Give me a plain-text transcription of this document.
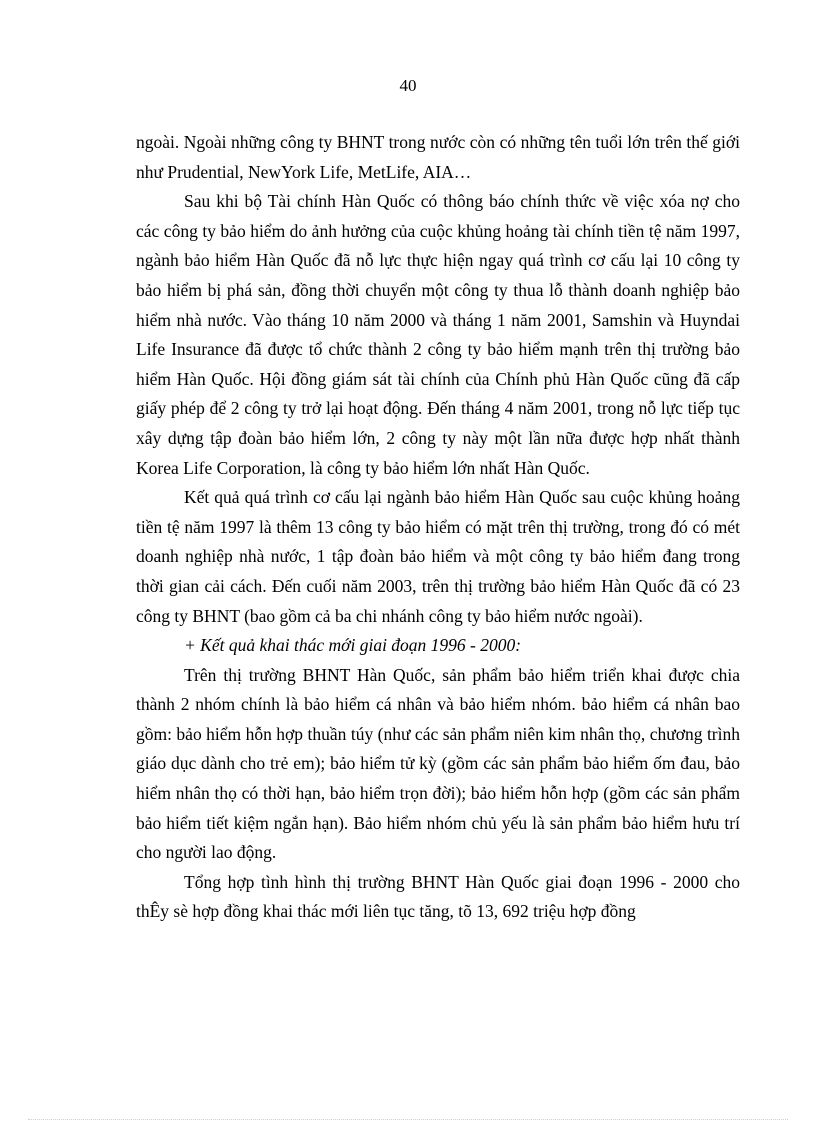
40

ngoài. Ngoài những công ty BHNT trong nước còn có những tên tuổi lớn trên thế giới như Prudential, NewYork Life, MetLife, AIA…

Sau khi bộ Tài chính Hàn Quốc có thông báo chính thức về việc xóa nợ cho các công ty bảo hiểm do ảnh hưởng của cuộc khủng hoảng tài chính tiền tệ năm 1997, ngành bảo hiểm Hàn Quốc đã nỗ lực thực hiện ngay quá trình cơ cấu lại 10 công ty bảo hiểm bị phá sản, đồng thời chuyển một công ty thua lỗ thành doanh nghiệp bảo hiểm nhà nước. Vào tháng 10 năm 2000 và tháng 1 năm 2001, Samshin và Huyndai Life Insurance đã được tổ chức thành 2 công ty bảo hiểm mạnh trên thị trường bảo hiểm Hàn Quốc. Hội đồng giám sát tài chính của Chính phủ Hàn Quốc cũng đã cấp giấy phép để 2 công ty trở lại hoạt động. Đến tháng 4 năm 2001, trong nỗ lực tiếp tục xây dựng tập đoàn bảo hiểm lớn, 2 công ty này một lần nữa được hợp nhất thành Korea Life Corporation, là công ty bảo hiểm lớn nhất Hàn Quốc.

Kết quả quá trình cơ cấu lại ngành bảo hiểm Hàn Quốc sau cuộc khủng hoảng tiền tệ năm 1997 là thêm 13 công ty bảo hiểm có mặt trên thị trường, trong đó có mét doanh nghiệp nhà nước, 1 tập đoàn bảo hiểm và một công ty bảo hiểm đang trong thời gian cải cách. Đến cuối năm 2003, trên thị trường bảo hiểm Hàn Quốc đã có 23 công ty BHNT (bao gồm cả ba chi nhánh công ty bảo hiểm nước ngoài).

+ Kết quả khai thác mới giai đoạn 1996 - 2000:

Trên thị trường BHNT Hàn Quốc, sản phẩm bảo hiểm triển khai được chia thành 2 nhóm chính là bảo hiểm cá nhân và bảo hiểm nhóm. bảo hiểm cá nhân bao gồm: bảo hiểm hỗn hợp thuần túy (như các sản phẩm niên kim nhân thọ, chương trình giáo dục dành cho trẻ em); bảo hiểm tử kỳ (gồm các sản phẩm bảo hiểm ốm đau, bảo hiểm nhân thọ có thời hạn, bảo hiểm trọn đời); bảo hiểm hỗn hợp (gồm các sản phẩm bảo hiểm tiết kiệm ngắn hạn). Bảo hiểm nhóm chủ yếu là sản phẩm bảo hiểm hưu trí cho người lao động.

Tổng hợp tình hình thị trường BHNT Hàn Quốc giai đoạn 1996 - 2000 cho thÊy sè hợp đồng khai thác mới liên tục tăng, tõ 13, 692 triệu hợp đồng
